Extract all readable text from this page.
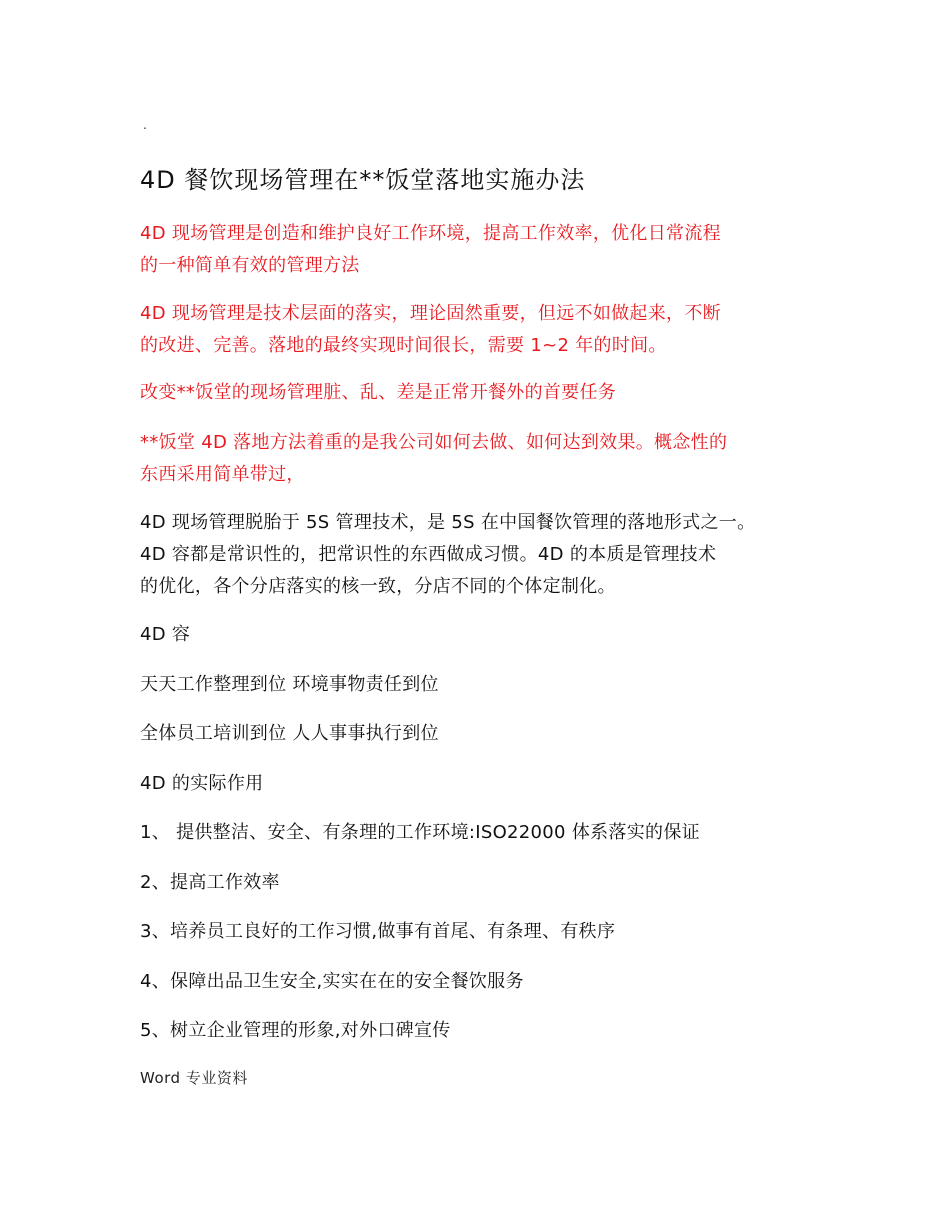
.
4D 餐饮现场管理在**饭堂落地实施办法

4D 现场管理是创造和维护良好工作环境，提高工作效率，优化日常流程
的一种简单有效的管理方法

4D 现场管理是技术层面的落实，理论固然重要，但远不如做起来，不断
的改进、完善。落地的最终实现时间很长，需要 1~2 年的时间。

改变**饭堂的现场管理脏、乱、差是正常开餐外的首要任务

**饭堂 4D 落地方法着重的是我公司如何去做、如何达到效果。概念性的
东西采用简单带过，

4D 现场管理脱胎于 5S 管理技术，是 5S 在中国餐饮管理的落地形式之一。
4D 容都是常识性的，把常识性的东西做成习惯。4D 的本质是管理技术
的优化，各个分店落实的核一致，分店不同的个体定制化。

4D 容

天天工作整理到位 环境事物责任到位

全体员工培训到位 人人事事执行到位

4D 的实际作用

1、 提供整洁、安全、有条理的工作环境:ISO22000 体系落实的保证

2、提高工作效率

3、培养员工良好的工作习惯,做事有首尾、有条理、有秩序

4、保障出品卫生安全,实实在在的安全餐饮服务

5、树立企业管理的形象,对外口碑宣传

Word 专业资料
